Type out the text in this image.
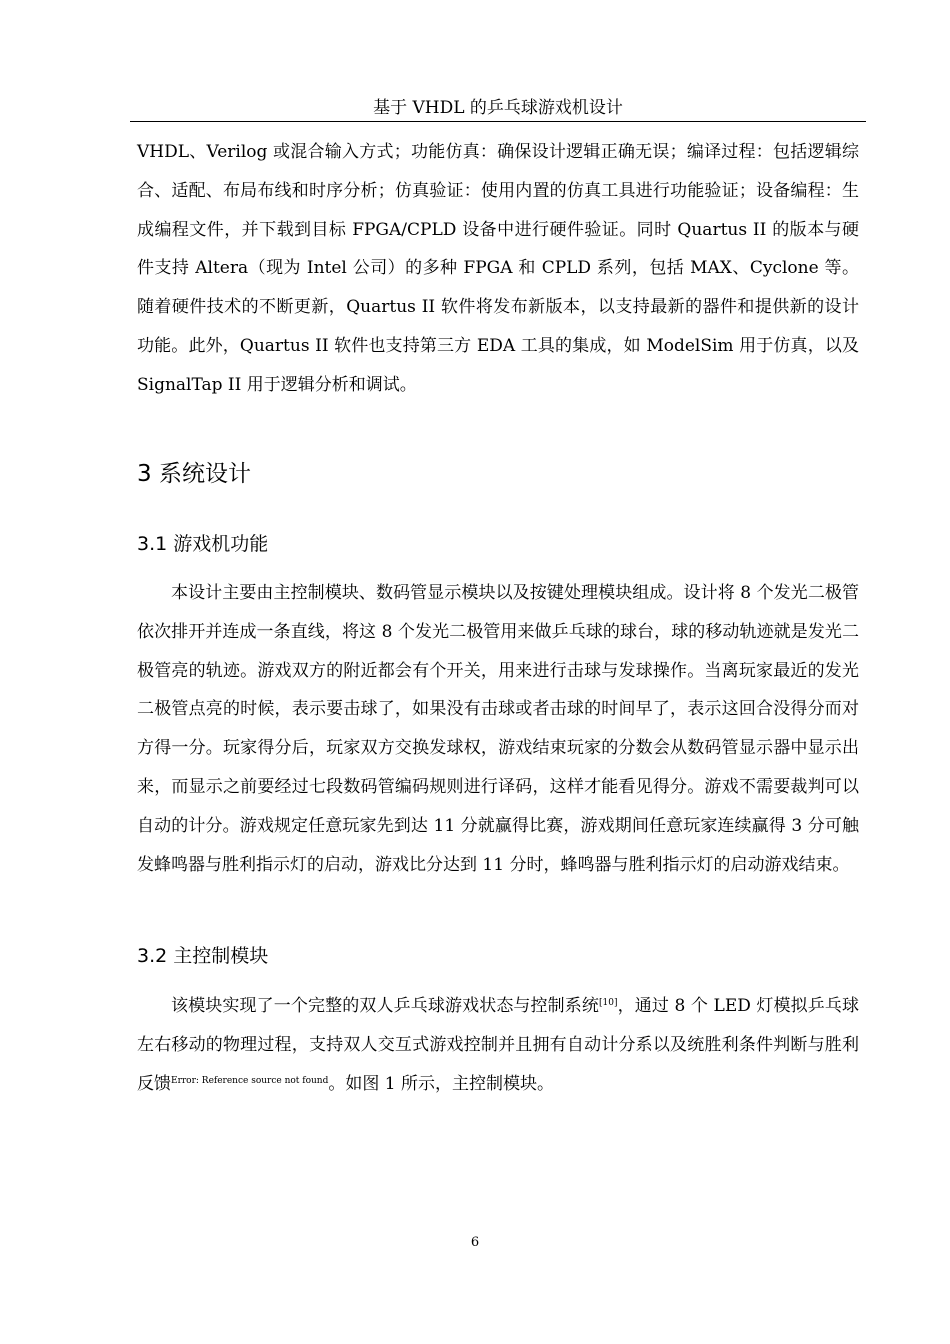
基于 VHDL 的乒乓球游戏机设计

VHDL、Verilog 或混合输入方式；功能仿真：确保设计逻辑正确无误；编译过程：包括逻辑综合、适配、布局布线和时序分析；仿真验证：使用内置的仿真工具进行功能验证；设备编程：生成编程文件，并下载到目标 FPGA/CPLD 设备中进行硬件验证。同时 Quartus II 的版本与硬件支持 Altera（现为 Intel 公司）的多种 FPGA 和 CPLD 系列，包括 MAX、Cyclone 等。随着硬件技术的不断更新，Quartus II 软件将发布新版本，以支持最新的器件和提供新的设计功能。此外，Quartus II 软件也支持第三方 EDA 工具的集成，如 ModelSim 用于仿真，以及 SignalTap II 用于逻辑分析和调试。

3 系统设计
3.1 游戏机功能

本设计主要由主控制模块、数码管显示模块以及按键处理模块组成。设计将 8 个发光二极管依次排开并连成一条直线，将这 8 个发光二极管用来做乒乓球的球台，球的移动轨迹就是发光二极管亮的轨迹。游戏双方的附近都会有个开关，用来进行击球与发球操作。当离玩家最近的发光二极管点亮的时候，表示要击球了，如果没有击球或者击球的时间早了，表示这回合没得分而对方得一分。玩家得分后，玩家双方交换发球权，游戏结束玩家的分数会从数码管显示器中显示出来，而显示之前要经过七段数码管编码规则进行译码，这样才能看见得分。游戏不需要裁判可以自动的计分。游戏规定任意玩家先到达 11 分就赢得比赛，游戏期间任意玩家连续赢得 3 分可触发蜂鸣器与胜利指示灯的启动，游戏比分达到 11 分时，蜂鸣器与胜利指示灯的启动游戏结束。

3.2 主控制模块

该模块实现了一个完整的双人乒乓球游戏状态与控制系统[10]，通过 8 个 LED 灯模拟乒乓球左右移动的物理过程，支持双人交互式游戏控制并且拥有自动计分系以及统胜利条件判断与胜利反馈$^{Error: Reference source not found}$。如图 1 所示，主控制模块。

6
